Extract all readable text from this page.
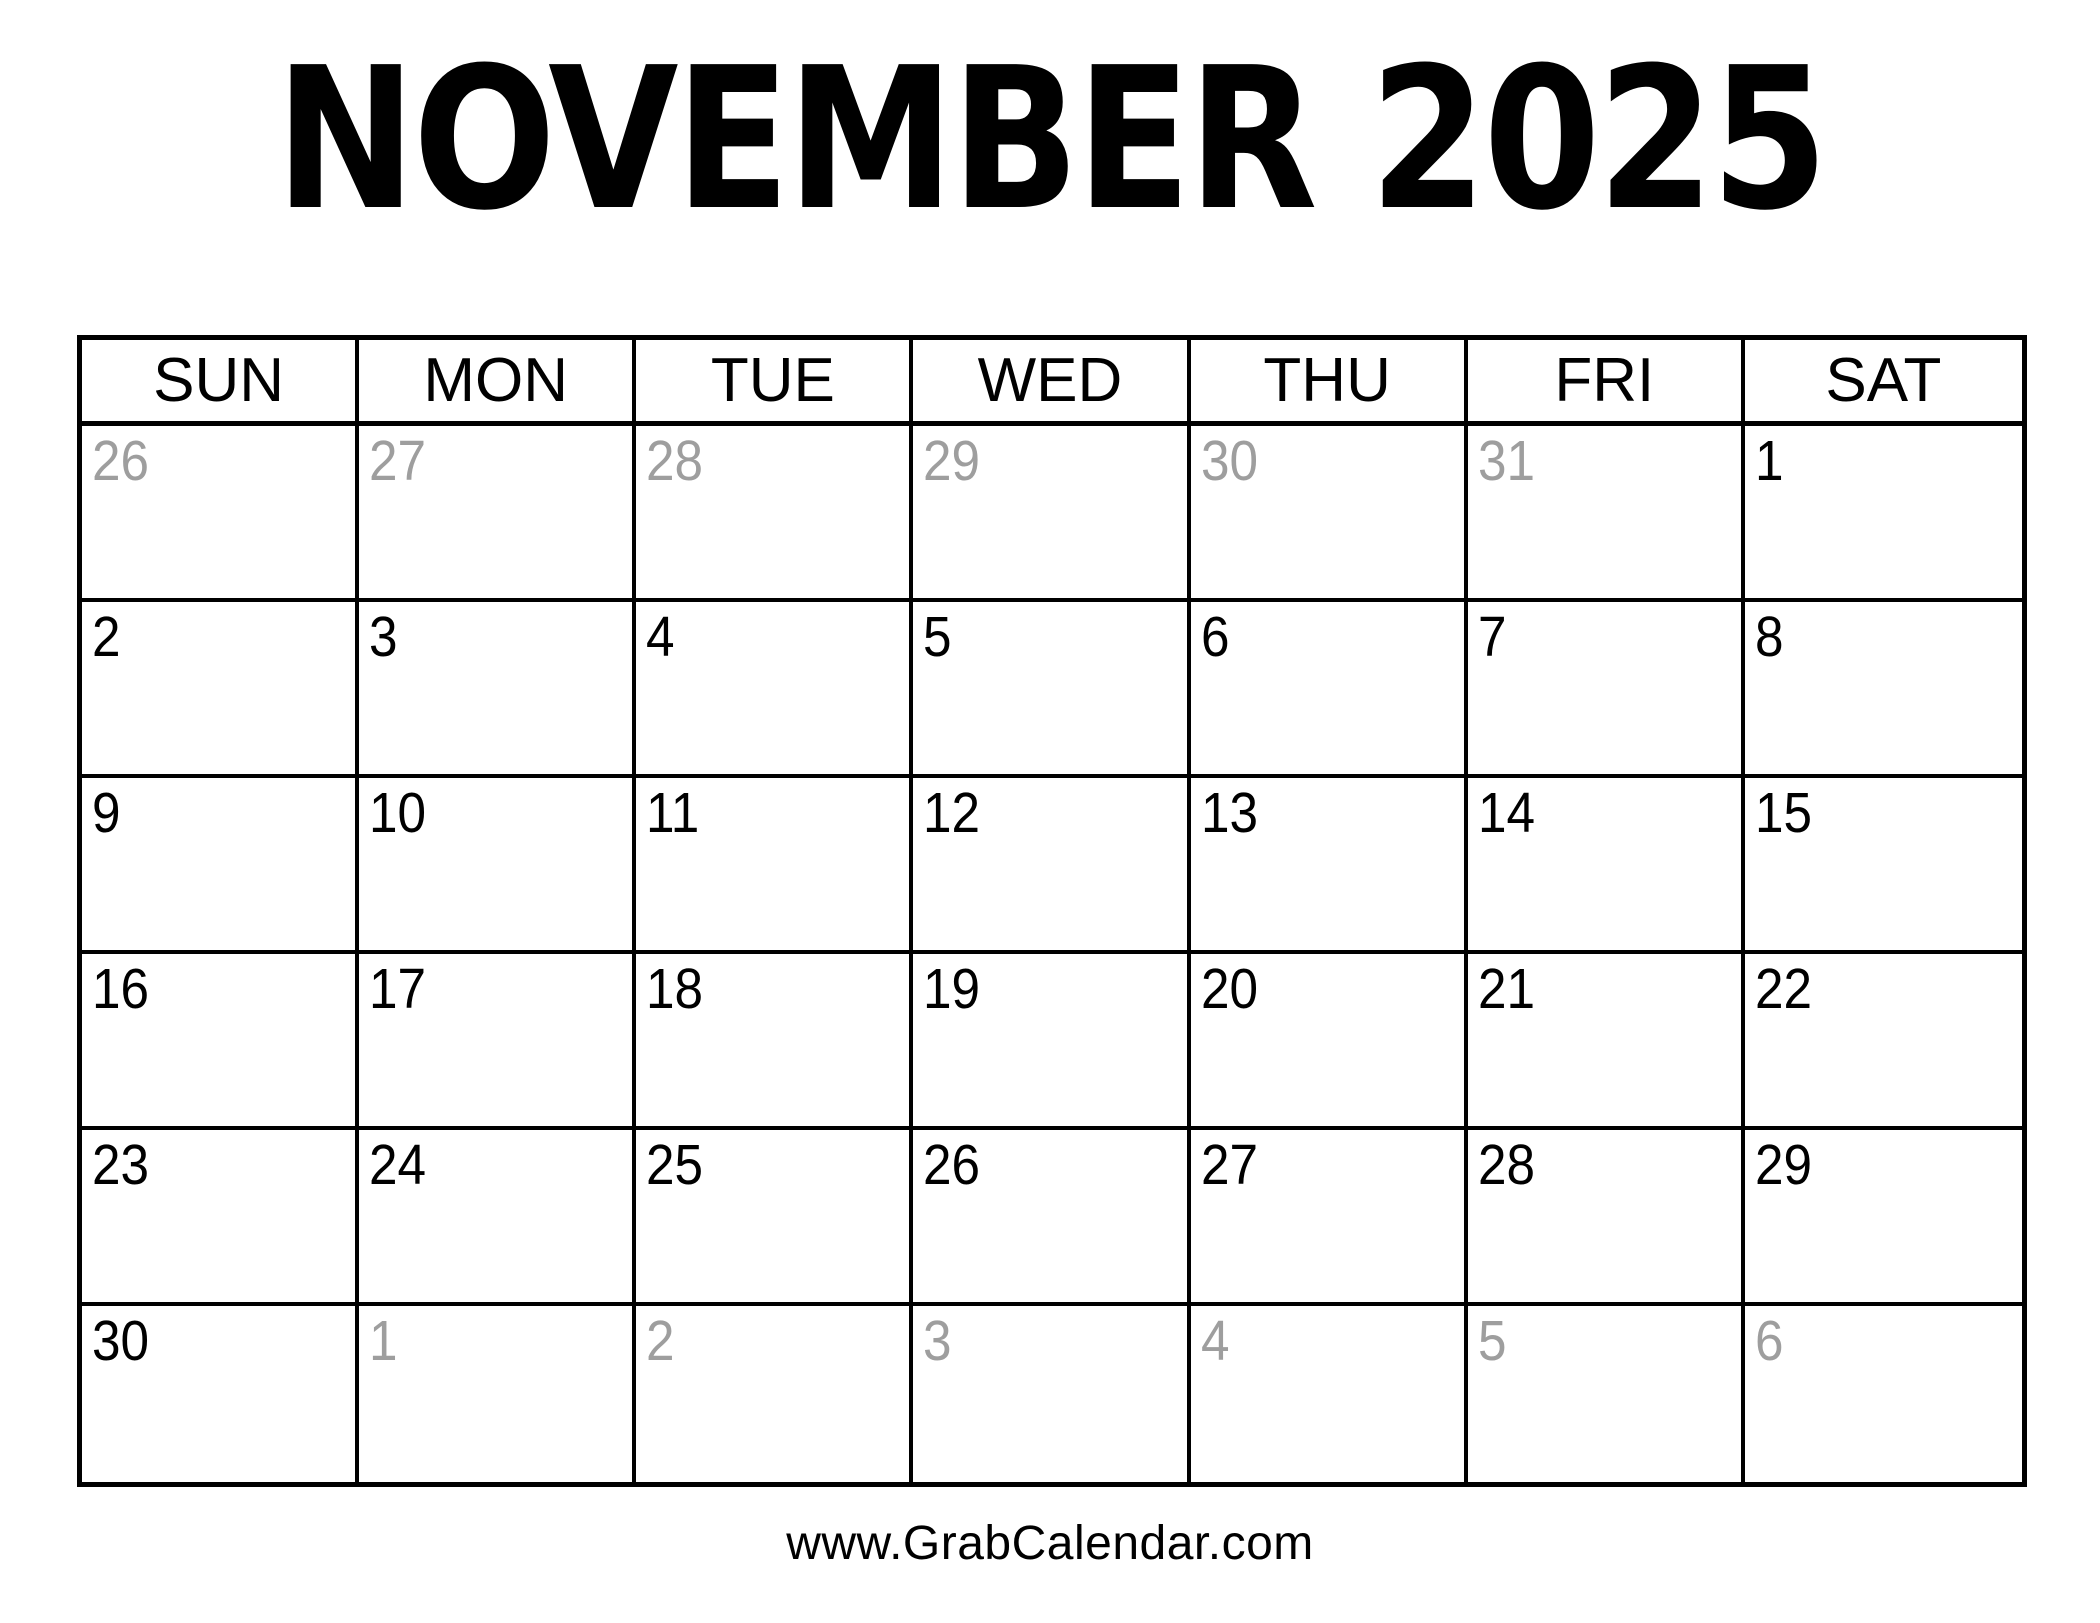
NOVEMBER 2025
SUN	MON	TUE	WED	THU	FRI	SAT
26	27	28	29	30	31	1
2	3	4	5	6	7	8
9	10	11	12	13	14	15
16	17	18	19	20	21	22
23	24	25	26	27	28	29
30	1	2	3	4	5	6
www.GrabCalendar.com
